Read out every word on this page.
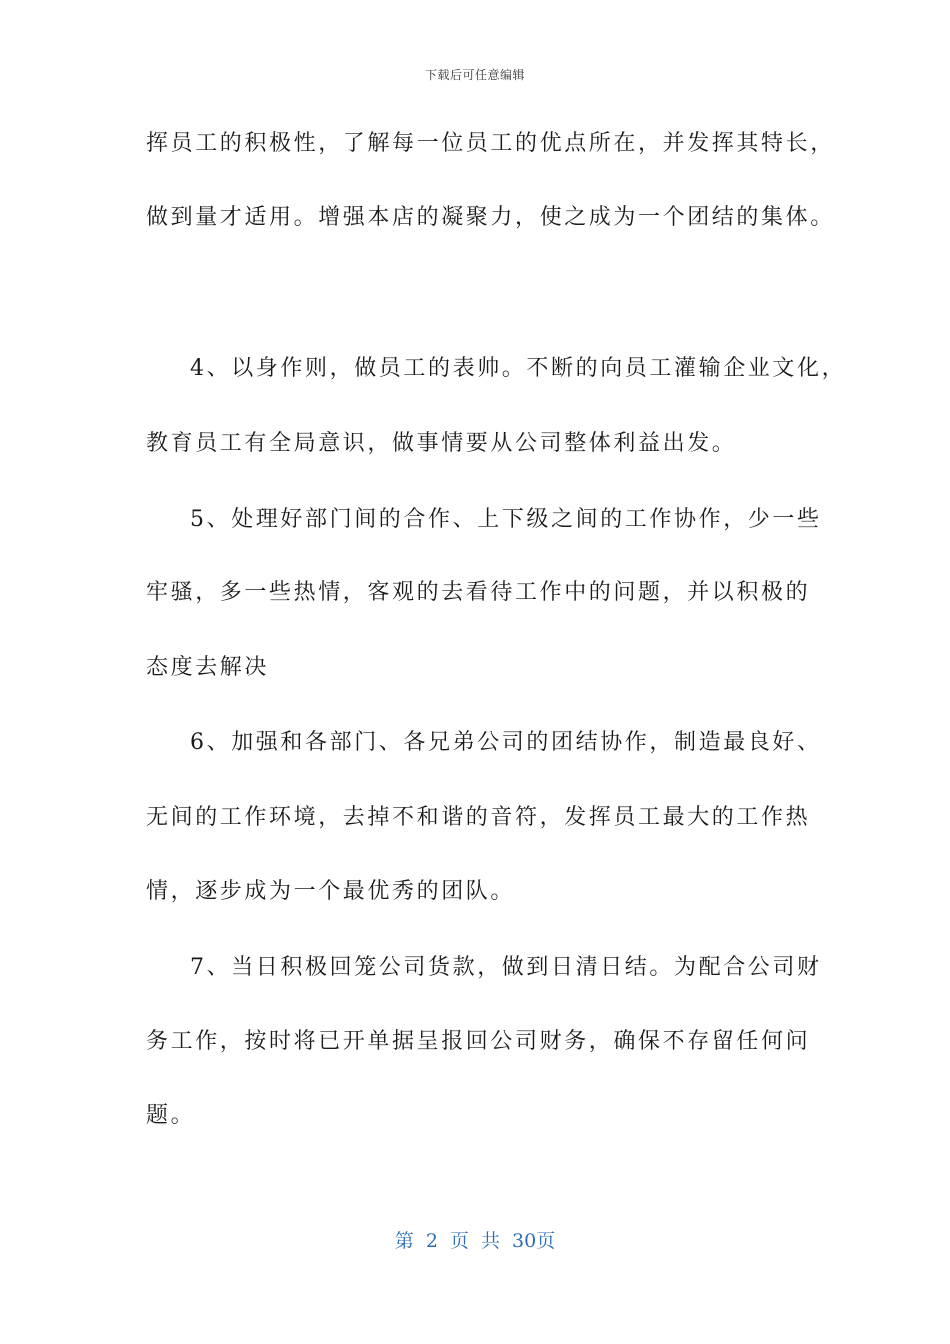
下载后可任意编辑
挥员工的积极性，了解每一位员工的优点所在，并发挥其特长，
做到量才适用。增强本店的凝聚力，使之成为一个团结的集体。
4、以身作则，做员工的表帅。不断的向员工灌输企业文化，
教育员工有全局意识，做事情要从公司整体利益出发。
5、处理好部门间的合作、上下级之间的工作协作，少一些
牢骚，多一些热情，客观的去看待工作中的问题，并以积极的
态度去解决
6、加强和各部门、各兄弟公司的团结协作，制造最良好、
无间的工作环境，去掉不和谐的音符，发挥员工最大的工作热
情，逐步成为一个最优秀的团队。
7、当日积极回笼公司货款，做到日清日结。为配合公司财
务工作，按时将已开单据呈报回公司财务，确保不存留任何问
题。
第 2 页 共 30页
